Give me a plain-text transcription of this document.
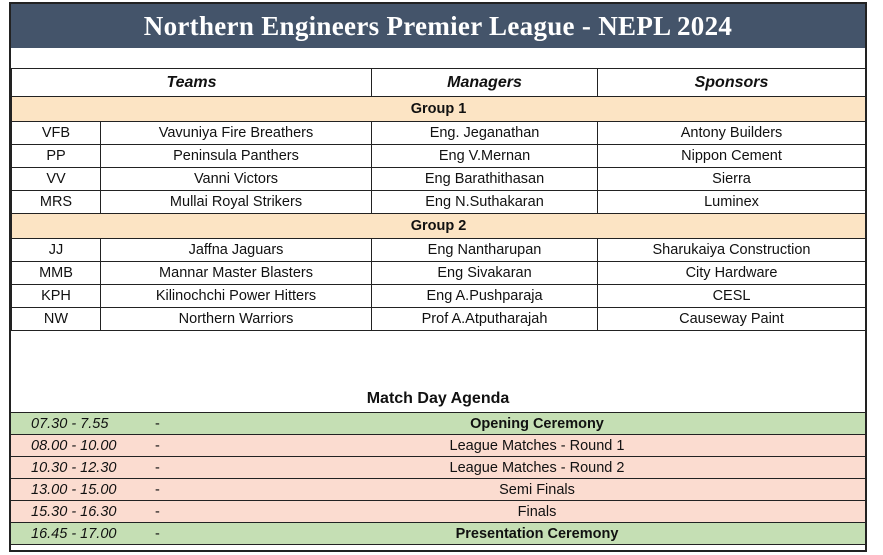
Northern Engineers Premier League - NEPL 2024
Teams		Managers	Sponsors
Group 1			
VFB	Vavuniya Fire Breathers	Eng. Jeganathan	Antony Builders
PP	Peninsula Panthers	Eng V.Mernan	Nippon Cement
VV	Vanni Victors	Eng Barathithasan	Sierra
MRS	Mullai Royal Strikers	Eng N.Suthakaran	Luminex
Group 2			
JJ	Jaffna Jaguars	Eng Nantharupan	Sharukaiya Construction
MMB	Mannar Master Blasters	Eng Sivakaran	City Hardware
KPH	Kilinochchi Power Hitters	Eng A.Pushparaja	CESL
NW	Northern Warriors	Prof A.Atputharajah	Causeway Paint
Match Day Agenda
07.30 - 7.55	-	Opening Ceremony
08.00 - 10.00	-	League Matches - Round 1
10.30 - 12.30	-	League Matches - Round 2
13.00 - 15.00	-	Semi Finals
15.30 - 16.30	-	Finals
16.45 - 17.00	-	Presentation Ceremony
